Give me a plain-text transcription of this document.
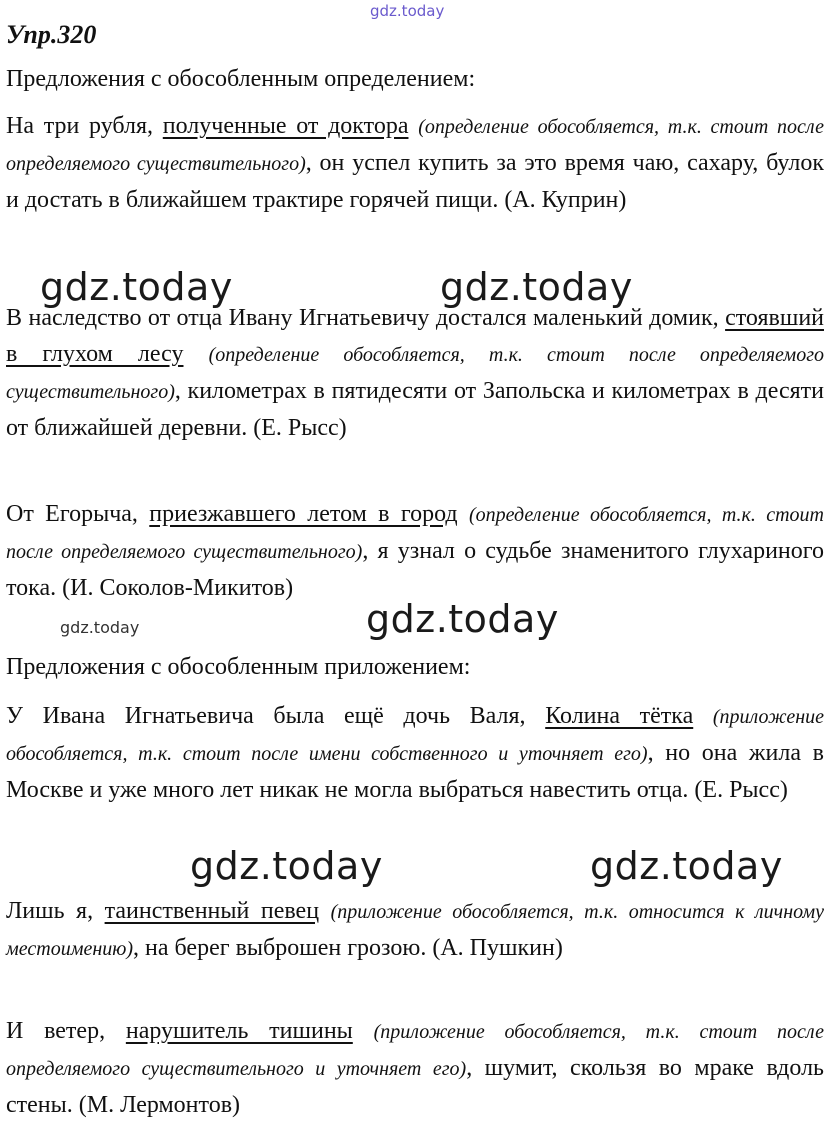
gdz.today
gdz.today	gdz.today
gdz.today
gdz.today
gdz.today	gdz.today
Упр.320
Предложения с обособленным определением:
На три рубля, полученные от доктора (определение обособляется, т.к. стоит после определяемого существительного), он успел купить за это время чаю, сахару, булок и достать в ближайшем трактире горячей пищи. (А. Куприн)
В наследство от отца Ивану Игнатьевичу достался маленький домик, стоявший в глухом лесу (определение обособляется, т.к. стоит после определяемого существительного), километрах в пятидесяти от Запольска и километрах в десяти от ближайшей деревни. (Е. Рысс)
От Егорыча, приезжавшего летом в город (определение обособляется, т.к. стоит после определяемого существительного), я узнал о судьбе знаменитого глухариного тока. (И. Соколов-Микитов)
Предложения с обособленным приложением:
У Ивана Игнатьевича была ещё дочь Валя, Колина тётка (приложение обособляется, т.к. стоит после имени собственного и уточняет его), но она жила в Москве и уже много лет никак не могла выбраться навестить отца. (Е. Рысс)
Лишь я, таинственный певец (приложение обособляется, т.к. относится к личному местоимению), на берег выброшен грозою. (А. Пушкин)
И ветер, нарушитель тишины (приложение обособляется, т.к. стоит после определяемого существительного и уточняет его), шумит, скользя во мраке вдоль стены. (М. Лермонтов)
